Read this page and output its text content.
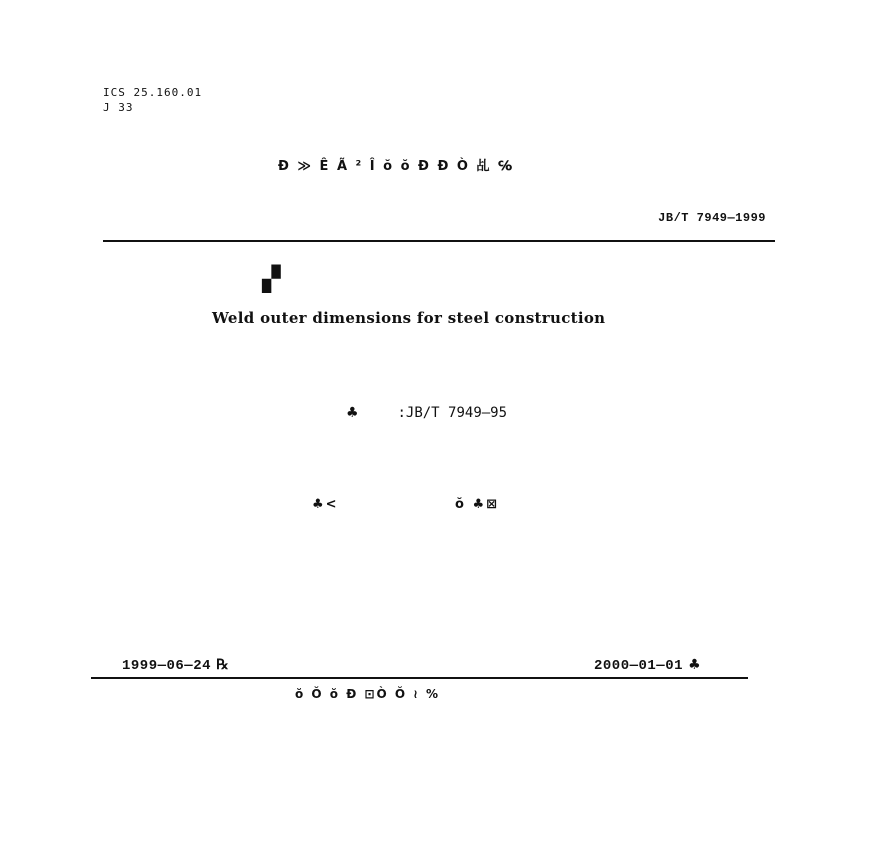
ICS 25.160.01
J 33
Ð ≫ Ê Ã ² Î ŏ ŏ Ð Ð Ò 乩 ℅
JB/T 7949—1999
▞
Weld outer dimensions for steel construction
♣	:JB/T 7949—95
♣<	ŏ ♣⊠
1999—06—24 ℞	2000—01—01 ♣
ŏ Ŏ ŏ Ð ⊡Ò Ŏ ≀ %
